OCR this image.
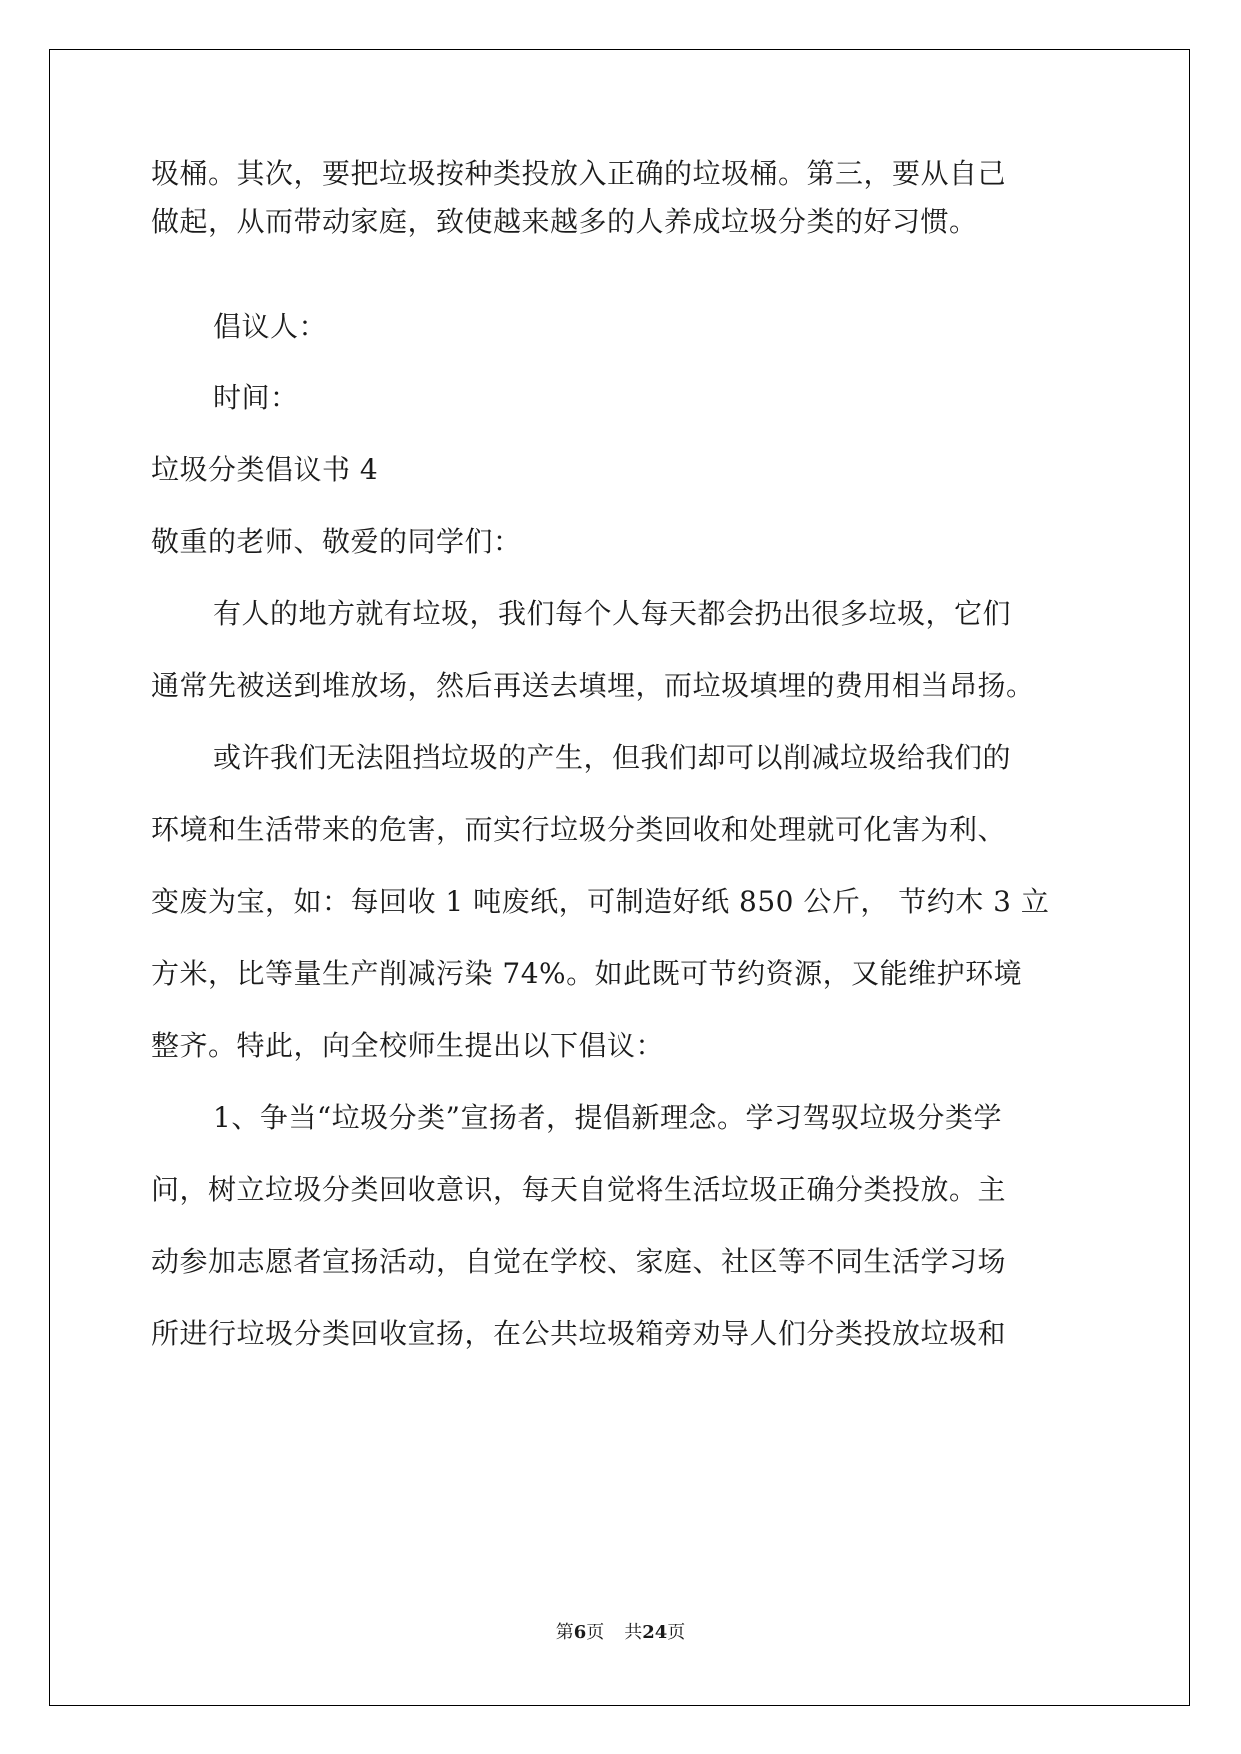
圾桶。其次，要把垃圾按种类投放入正确的垃圾桶。第三，要从自己
做起，从而带动家庭，致使越来越多的人养成垃圾分类的好习惯。
倡议人：
时间：
垃圾分类倡议书 4
敬重的老师、敬爱的同学们：
有人的地方就有垃圾，我们每个人每天都会扔出很多垃圾，它们
通常先被送到堆放场，然后再送去填埋，而垃圾填埋的费用相当昂扬。
或许我们无法阻挡垃圾的产生，但我们却可以削减垃圾给我们的
环境和生活带来的危害，而实行垃圾分类回收和处理就可化害为利、
变废为宝，如：每回收 1 吨废纸，可制造好纸 850 公斤， 节约木 3 立
方米，比等量生产削减污染 74%。如此既可节约资源，又能维护环境
整齐。特此，向全校师生提出以下倡议：
1、争当“垃圾分类”宣扬者，提倡新理念。学习驾驭垃圾分类学
问，树立垃圾分类回收意识，每天自觉将生活垃圾正确分类投放。主
动参加志愿者宣扬活动，自觉在学校、家庭、社区等不同生活学习场
所进行垃圾分类回收宣扬，在公共垃圾箱旁劝导人们分类投放垃圾和
第6页 共24页
